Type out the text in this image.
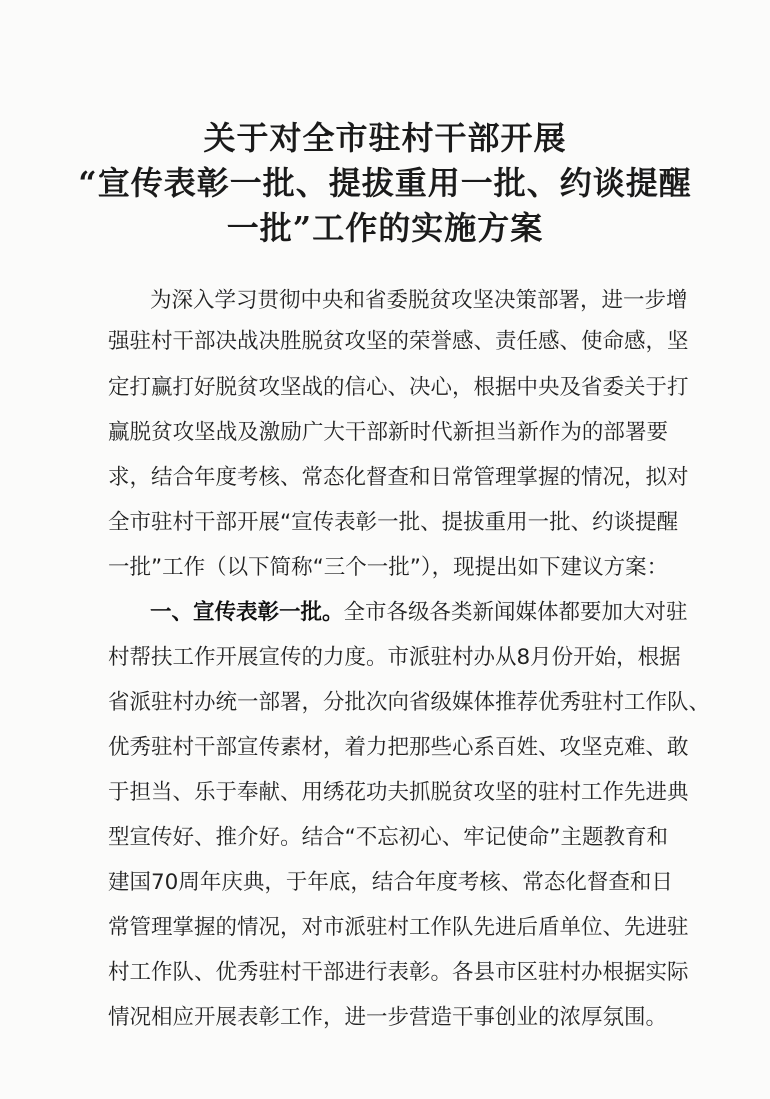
关于对全市驻村干部开展
“宣传表彰一批、提拔重用一批、约谈提醒
一批”工作的实施方案
为深入学习贯彻中央和省委脱贫攻坚决策部署，进一步增
强驻村干部决战决胜脱贫攻坚的荣誉感、责任感、使命感，坚
定打赢打好脱贫攻坚战的信心、决心，根据中央及省委关于打
赢脱贫攻坚战及激励广大干部新时代新担当新作为的部署要
求，结合年度考核、常态化督查和日常管理掌握的情况，拟对
全市驻村干部开展“宣传表彰一批、提拔重用一批、约谈提醒
一批”工作（以下简称“三个一批”），现提出如下建议方案：
一、宣传表彰一批。全市各级各类新闻媒体都要加大对驻
村帮扶工作开展宣传的力度。市派驻村办从8月份开始，根据
省派驻村办统一部署，分批次向省级媒体推荐优秀驻村工作队、
优秀驻村干部宣传素材，着力把那些心系百姓、攻坚克难、敢
于担当、乐于奉献、用绣花功夫抓脱贫攻坚的驻村工作先进典
型宣传好、推介好。结合“不忘初心、牢记使命”主题教育和
建国70周年庆典，于年底，结合年度考核、常态化督查和日
常管理掌握的情况，对市派驻村工作队先进后盾单位、先进驻
村工作队、优秀驻村干部进行表彰。各县市区驻村办根据实际
情况相应开展表彰工作，进一步营造干事创业的浓厚氛围。
